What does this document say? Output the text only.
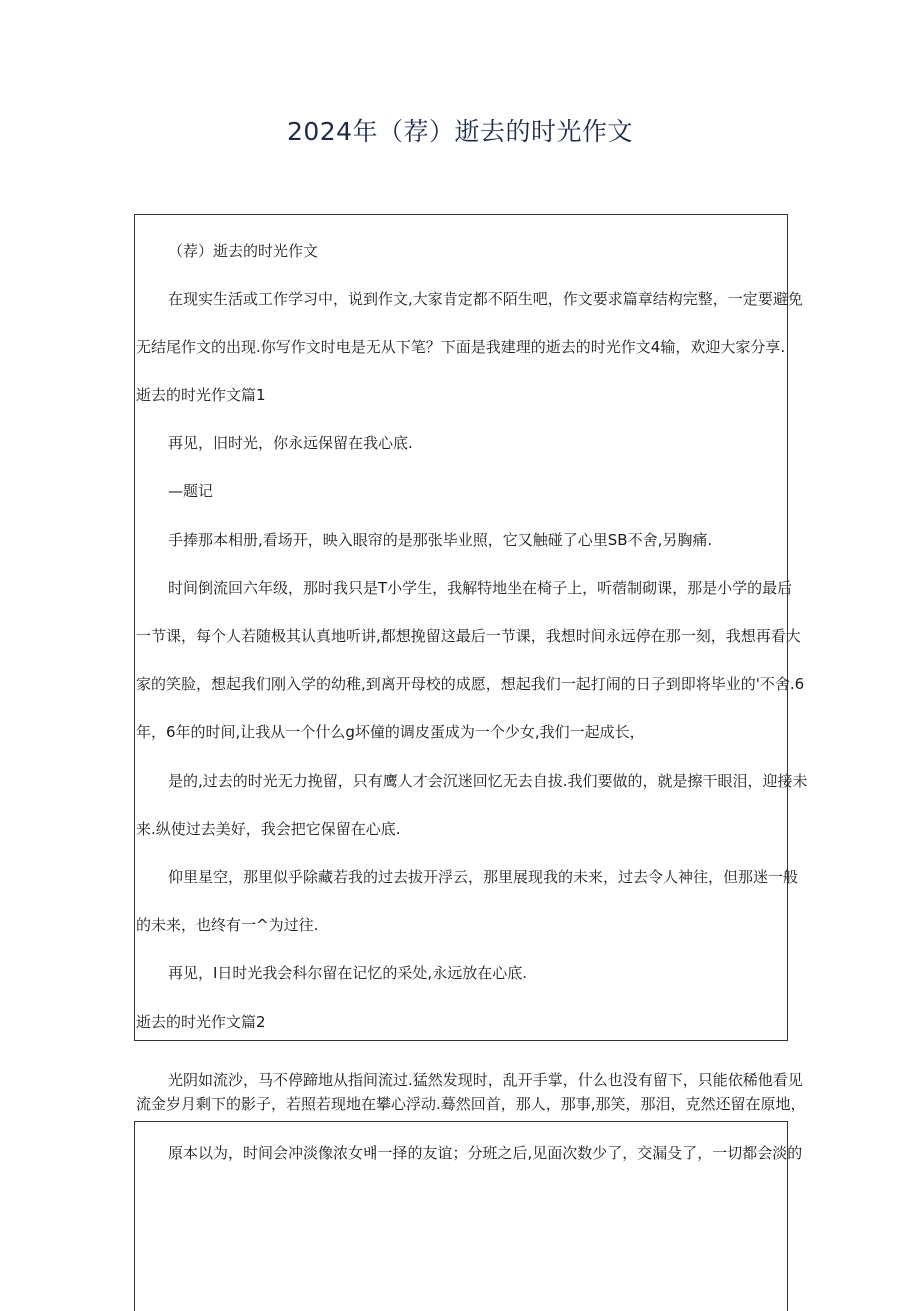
2024年（荐）逝去的时光作文
（荐）逝去的时光作文
在现实生活或工作学习中，说到作文,大家肯定都不陌生吧，作文要求篇章结构完整，一定要避免
无结尾作文的出现.你写作文时电是无从下笔？下面是我建理的逝去的时光作文4输，欢迎大家分享.
逝去的时光作文篇1
再见，旧时光，你永远保留在我心底.
—题记
手捧那本相册,看场开，映入眼帘的是那张毕业照，它又触碰了心里SB不舍,另胸痛.
时间倒流回六年级，那时我只是T小学生，我解特地坐在椅子上，听蓿制砌课，那是小学的最后
一节课，每个人若随极其认真地听讲,都想挽留这最后一节课，我想时间永远停在那一刻，我想再看大
家的笑脸，想起我们刚入学的幼稚,到离开母校的成愿，想起我们一起打闹的日子到即将毕业的'不舍.6
年，6年的时间,让我从一个什么g坏僮的调皮蛋成为一个少女,我们一起成长，
是的,过去的时光无力挽留，只有鹰人才会沉迷回忆无去自拔.我们要做的，就是擦干眼泪，迎接未
来.纵使过去美好，我会把它保留在心底.
仰里星空，那里似乎除藏若我的过去拔开浮云，那里展现我的未来，过去令人神往，但那迷一般
的未来，也终有一^为过往.
再见，I日时光我会科尔留在记忆的采处,永远放在心底.
逝去的时光作文篇2
光阴如流沙，马不停蹄地从指间流过.猛然发现时，乱开手掌，什么也没有留下，只能依稀他看见
流金岁月剩下的影子，若照若现地在攀心浮动.蓦然回首，那人，那事,那笑，那泪，克然还留在原地，
原本以为，时间会冲淡像浓女뱨一择的友谊；分班之后,见面次数少了，交漏殳了，一切都会淡的
